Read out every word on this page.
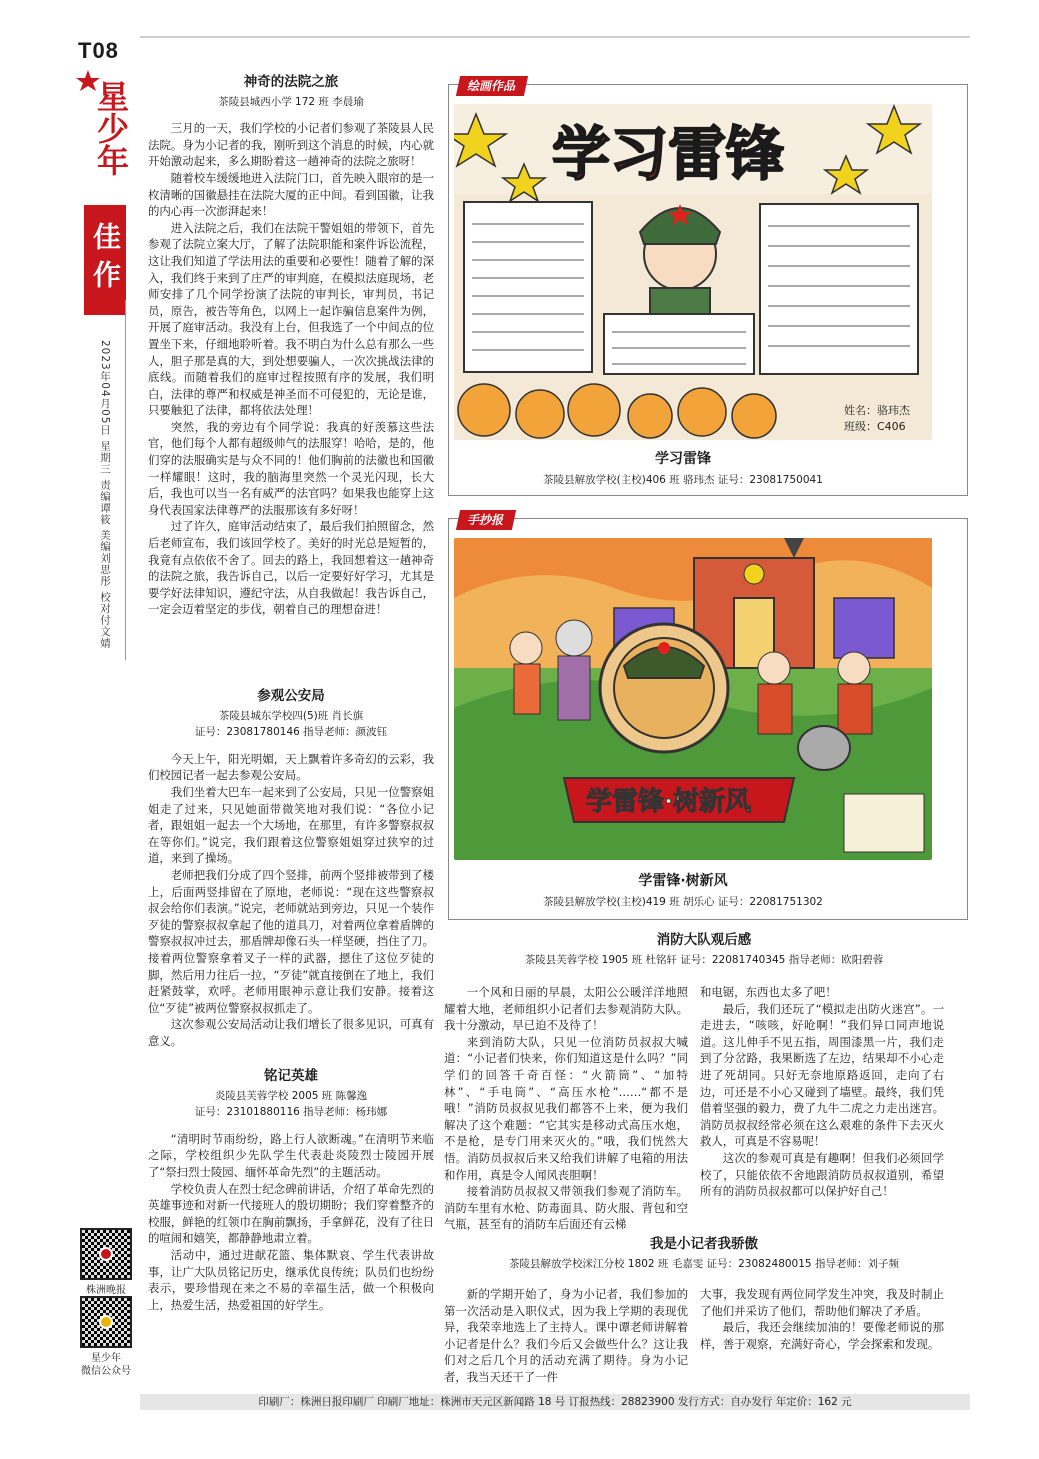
T08
星少年
佳作
2023年04月05日 星期三 责编谭筱 美编刘思彤 校对付文婧
株洲晚报

星少年
微信公众号
神奇的法院之旅
茶陵县城西小学 172 班 李晨瑜

三月的一天，我们学校的小记者们参观了茶陵县人民法院。身为小记者的我，刚听到这个消息的时候，内心就开始激动起来，多么期盼着这一趟神奇的法院之旅呀！

随着校车缓缓地进入法院门口，首先映入眼帘的是一枚清晰的国徽悬挂在法院大厦的正中间。看到国徽，让我的内心再一次澎湃起来！

进入法院之后，我们在法院干警姐姐的带领下，首先参观了法院立案大厅，了解了法院职能和案件诉讼流程，这让我们知道了学法用法的重要和必要性！随着了解的深入，我们终于来到了庄严的审判庭，在模拟法庭现场，老师安排了几个同学扮演了法院的审判长，审判员，书记员，原告，被告等角色，以网上一起诈骗信息案件为例，开展了庭审活动。我没有上台，但我选了一个中间点的位置坐下来，仔细地聆听着。我不明白为什么总有那么一些人，胆子那是真的大，到处想要骗人，一次次挑战法律的底线。而随着我们的庭审过程按照有序的发展，我们明白，法律的尊严和权威是神圣而不可侵犯的，无论是谁，只要触犯了法律，都将依法处理！

突然，我的旁边有个同学说：我真的好羡慕这些法官，他们每个人都有超级帅气的法服穿！哈哈，是的，他们穿的法服确实是与众不同的！他们胸前的法徽也和国徽一样耀眼！这时，我的脑海里突然一个灵光闪现，长大后，我也可以当一名有威严的法官吗？如果我也能穿上这身代表国家法律尊严的法服那该有多好呀！

过了许久，庭审活动结束了，最后我们拍照留念，然后老师宣布，我们该回学校了。美好的时光总是短暂的，我竟有点依依不舍了。回去的路上，我回想着这一趟神奇的法院之旅，我告诉自己，以后一定要好好学习，尤其是要学好法律知识，遵纪守法，从自我做起！我告诉自己，一定会迈着坚定的步伐，朝着自己的理想奋进！

参观公安局
茶陵县城东学校四(5)班 肖长旗
证号：23081780146 指导老师：颜波钰

今天上午，阳光明媚，天上飘着许多奇幻的云彩，我们校园记者一起去参观公安局。

我们坐着大巴车一起来到了公安局，只见一位警察姐姐走了过来，只见她面带微笑地对我们说：“各位小记者，跟姐姐一起去一个大场地，在那里，有许多警察叔叔在等你们。”说完，我们跟着这位警察姐姐穿过狭窄的过道，来到了操场。

老师把我们分成了四个竖排，前两个竖排被带到了楼上，后面两竖排留在了原地，老师说：“现在这些警察叔叔会给你们表演。”说完，老师就站到旁边，只见一个装作歹徒的警察叔叔拿起了他的道具刀，对着两位拿着盾牌的警察叔叔冲过去，那盾牌却像石头一样坚硬，挡住了刀。接着两位警察拿着叉子一样的武器，摁住了这位歹徒的脚，然后用力往后一拉，“歹徒”就直接倒在了地上，我们赶紧鼓掌，欢呼。老师用眼神示意让我们安静。接着这位“歹徒”被两位警察叔叔抓走了。

这次参观公安局活动让我们增长了很多见识，可真有意义。

铭记英雄
炎陵县芙蓉学校 2005 班 陈馨逸
证号：23101880116 指导老师：杨玮娜

“清明时节雨纷纷，路上行人欲断魂。”在清明节来临之际，学校组织少先队学生代表赴炎陵烈士陵园开展了“祭扫烈士陵园、缅怀革命先烈”的主题活动。

学校负责人在烈士纪念碑前讲话，介绍了革命先烈的英雄事迹和对新一代接班人的殷切期盼；我们穿着整齐的校服，鲜艳的红领巾在胸前飘扬，手拿鲜花，没有了往日的喧闹和嬉笑，都静静地肃立着。

活动中，通过进献花篮、集体默哀、学生代表讲故事，让广大队员铭记历史，继承优良传统；队员们也纷纷表示，要珍惜现在来之不易的幸福生活，做一个积极向上，热爱生活，热爱祖国的好学生。

绘画作品
学习雷锋
姓名：骆玮杰
班级：C406
学习雷锋
茶陵县解放学校(主校)406 班 骆玮杰 证号：23081750041
手抄报
学雷锋·树新风
学雷锋·树新风
茶陵县解放学校(主校)419 班 胡乐心 证号：22081751302
消防大队观后感
茶陵县芙蓉学校 1905 班 杜铭轩 证号：22081740345 指导老师：欧阳碧蓉

一个风和日丽的早晨，太阳公公暖洋洋地照耀着大地，老师组织小记者们去参观消防大队。我十分激动，早已迫不及待了！

来到消防大队，只见一位消防员叔叔大喊道：“小记者们快来，你们知道这是什么吗？”同学们的回答千奇百怪：“火箭筒”、“加特林”、“手电筒”、“高压水枪”……“都不是哦！”消防员叔叔见我们都答不上来，便为我们解决了这个难题：“它其实是移动式高压水炮，不是枪，是专门用来灭火的。”哦，我们恍然大悟。消防员叔叔后来又给我们讲解了电箱的用法和作用，真是令人闻风丧胆啊！

接着消防员叔叔又带领我们参观了消防车。消防车里有水枪、防毒面具、防火服、背包和空气瓶，甚至有的消防车后面还有云梯

和电锯，东西也太多了吧！

最后，我们还玩了“模拟走出防火迷宫”。一走进去，“咳咳，好呛啊！”我们异口同声地说道。这儿伸手不见五指，周围漆黑一片，我们走到了分岔路，我果断选了左边，结果却不小心走进了死胡同。只好无奈地原路返回，走向了右边，可还是不小心又碰到了墙壁。最终，我们凭借着坚强的毅力，费了九牛二虎之力走出迷宫。消防员叔叔经常必须在这么艰难的条件下去灭火救人，可真是不容易呢！

这次的参观可真是有趣啊！但我们必须回学校了，只能依依不舍地跟消防员叔叔道别，希望所有的消防员叔叔都可以保护好自己！

我是小记者我骄傲
茶陵县解放学校洣江分校 1802 班 毛嘉雯 证号：23082480015 指导老师：刘子频

新的学期开始了，身为小记者，我们参加的第一次活动是入职仪式，因为我上学期的表现优异，我荣幸地选上了主持人。课中谭老师讲解着小记者是什么？我们今后又会做些什么？这让我们对之后几个月的活动充满了期待。身为小记者，我当天还干了一件

大事，我发现有两位同学发生冲突，我及时制止了他们并采访了他们，帮助他们解决了矛盾。

最后，我还会继续加油的！要像老师说的那样，善于观察，充满好奇心，学会探索和发现。

印刷厂：株洲日报印刷厂 印刷厂地址：株洲市天元区新闻路 18 号 订报热线：28823900 发行方式：自办发行 年定价：162 元
